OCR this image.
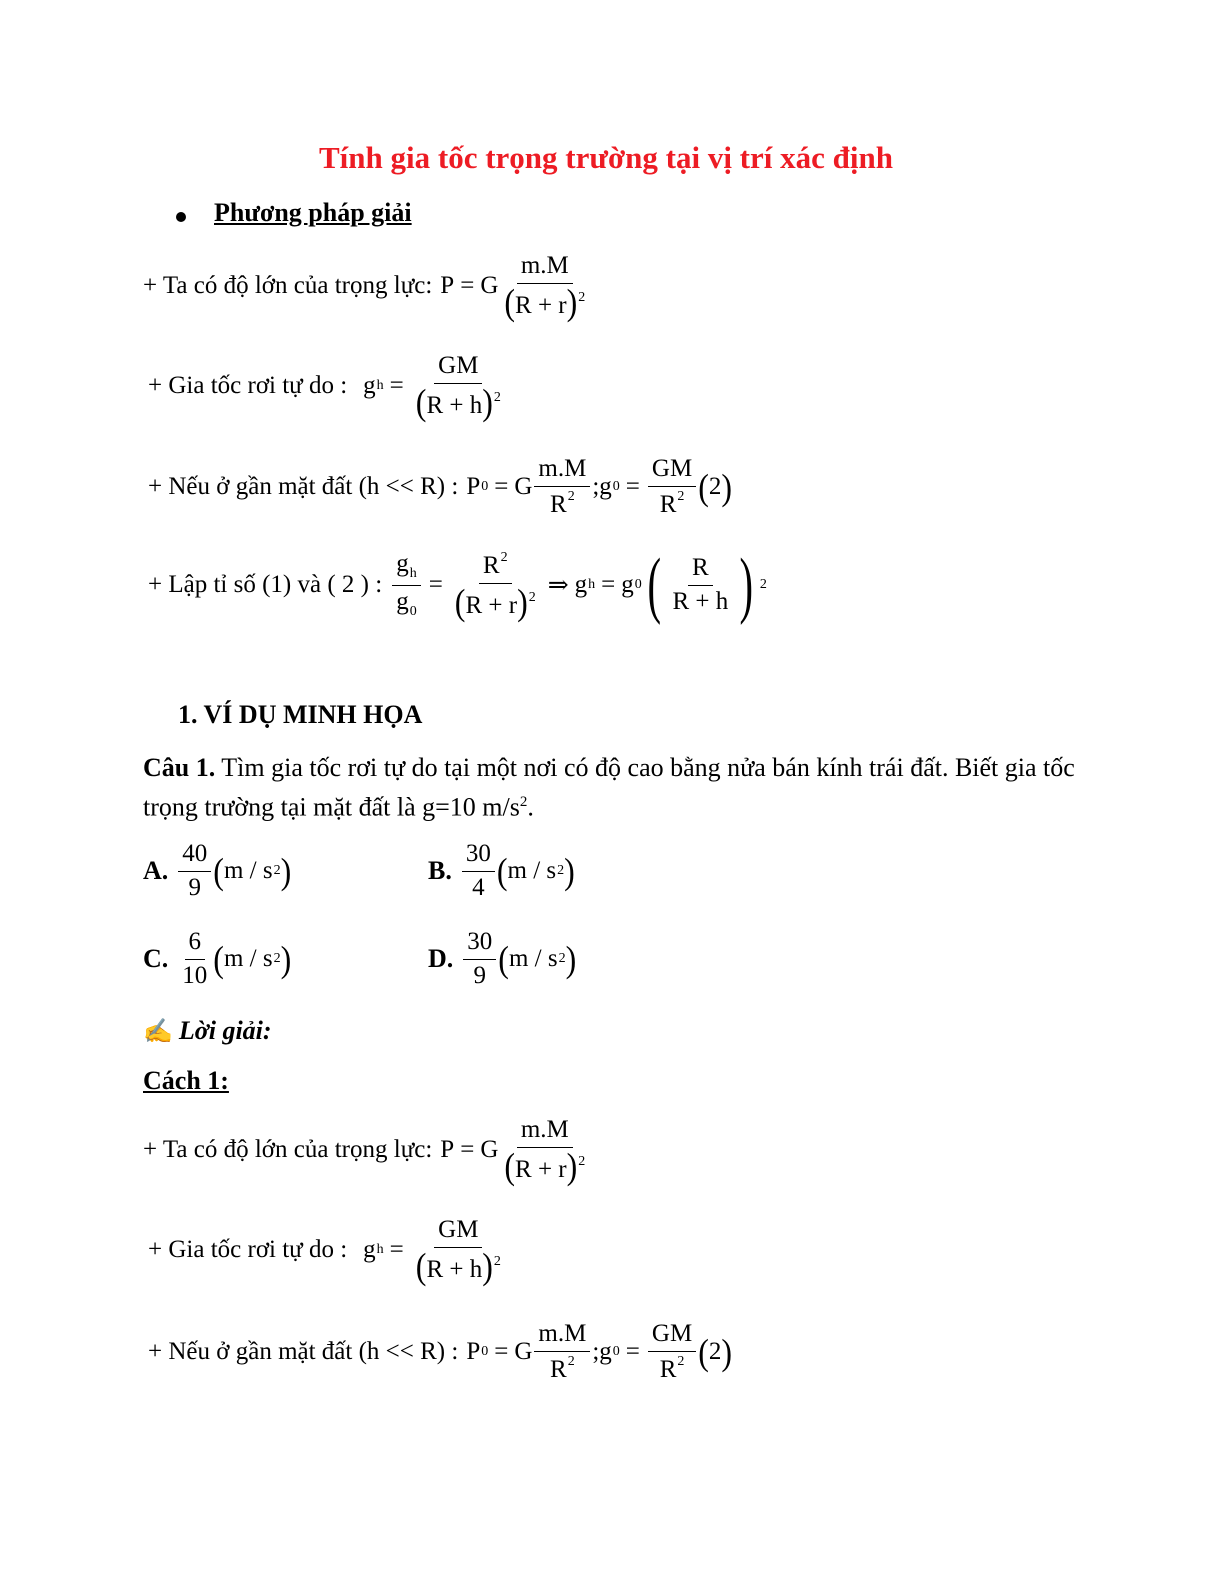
Tính gia tốc trọng trường tại vị trí xác định
Phương pháp giải
+ Ta có độ lớn của trọng lực: P = G $\frac{m.M}{(R + r)^2}$
+ Gia tốc rơi tự do : g $h = \frac{GM}{(R + h)^2}$
+ Nếu ở gần mặt đất (h << R) : P 0 = G $\frac{m.M}{R^2}$ ;g $0 = \frac{GM}{R^2}$ ( 2 )
+ Lập tỉ số (1) và ( 2 ) : $\frac{g_h}{g_0} = \frac{R^2}{(R + r)^2}$ ⇒ g h = g 0 ( $\frac{R}{R + h}$ ) 2
1. VÍ DỤ MINH HỌA
Câu 1. Tìm gia tốc rơi tự do tại một nơi có độ cao bằng nửa bán kính trái đất. Biết gia tốc trọng trường tại mặt đất là g=10 $m/s^2$.
A. $\frac{40}{9}$ ( m / s 2 )	B. $\frac{30}{4}$ ( m / s 2 )
C. $\frac{6}{10}$ ( m / s 2 )	D. $\frac{30}{9}$ ( m / s 2 )
✍ Lời giải:
Cách 1:
+ Ta có độ lớn của trọng lực: P = G $\frac{m.M}{(R + r)^2}$
+ Gia tốc rơi tự do : g $h = \frac{GM}{(R + h)^2}$
+ Nếu ở gần mặt đất (h << R) : P 0 = G $\frac{m.M}{R^2}$ ;g $0 = \frac{GM}{R^2}$ ( 2 )
